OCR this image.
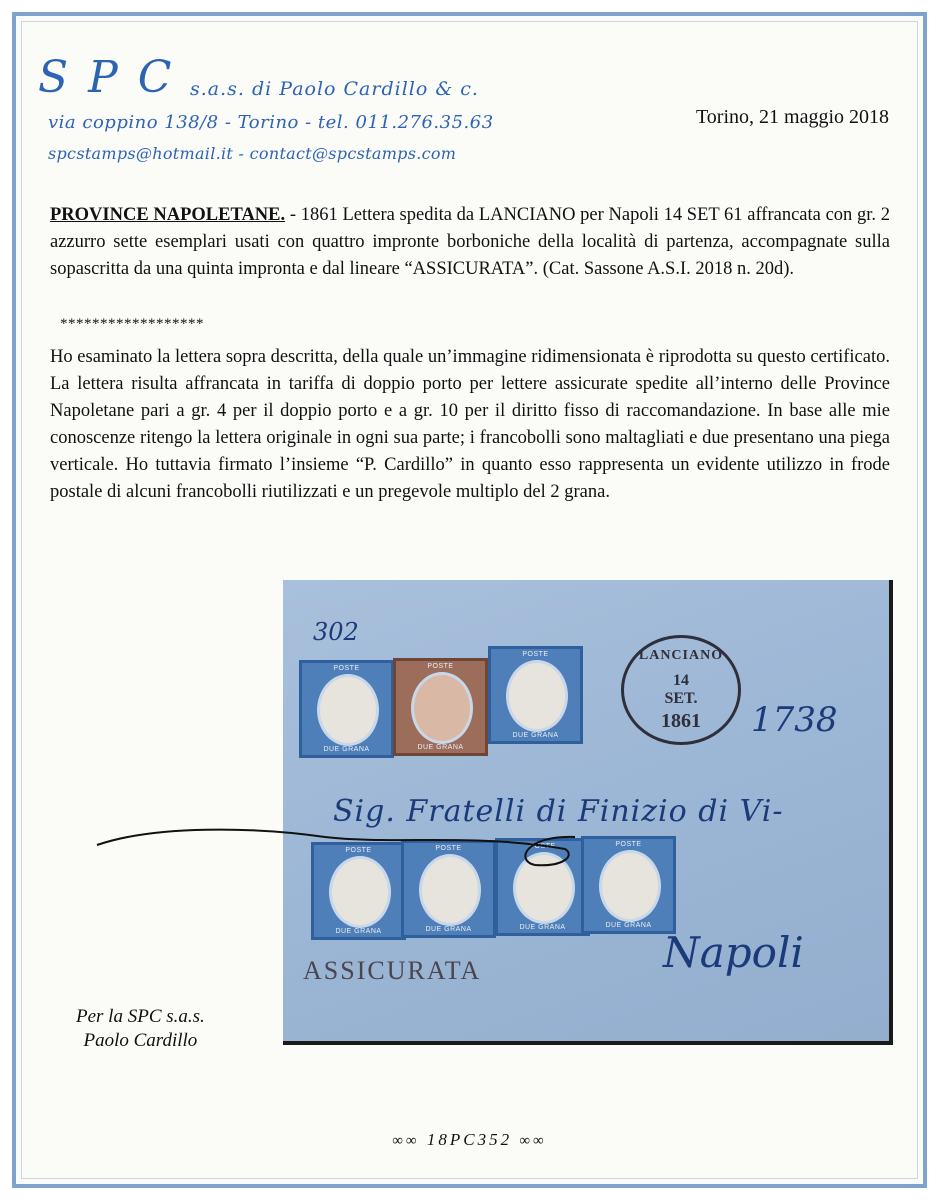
SPC
s.a.s. di Paolo Cardillo & c.
via coppino 138/8 - Torino - tel. 011.276.35.63
spcstamps@hotmail.it - contact@spcstamps.com
Torino, 21 maggio 2018
PROVINCE NAPOLETANE. - 1861 Lettera spedita da LANCIANO per Napoli 14 SET 61 affrancata con gr. 2 azzurro sette esemplari usati con quattro impronte borboniche della località di partenza, accompagnate sulla sopascritta da una quinta impronta e dal lineare “ASSICURATA”. (Cat. Sassone A.S.I. 2018 n. 20d).
******************
Ho esaminato la lettera sopra descritta, della quale un’immagine ridimensionata è riprodotta su questo certificato. La lettera risulta affrancata in tariffa di doppio porto per lettere assicurate spedite all’interno delle Province Napoletane pari a gr. 4 per il doppio porto e a gr. 10 per il diritto fisso di raccomandazione. In base alle mie conoscenze ritengo la lettera originale in ogni sua parte; i francobolli sono maltagliati e due presentano una piega verticale. Ho tuttavia firmato l’insieme “P. Cardillo” in quanto esso rappresenta un evidente utilizzo in frode postale di alcuni francobolli riutilizzati e un pregevole multiplo del 2 grana.
POSTE
DUE GRANA
POSTE
DUE GRANA
POSTE
DUE GRANA
POSTE
DUE GRANA
POSTE
DUE GRANA
POSTE
DUE GRANA
POSTE
DUE GRANA
302
1738
Sig. Fratelli di Finizio di Vi-
Napoli
LANCIANO
14
SET.
1861
ASSICURATA
Per la SPC s.a.s.
Paolo Cardillo
∞∞ 18PC352 ∞∞
